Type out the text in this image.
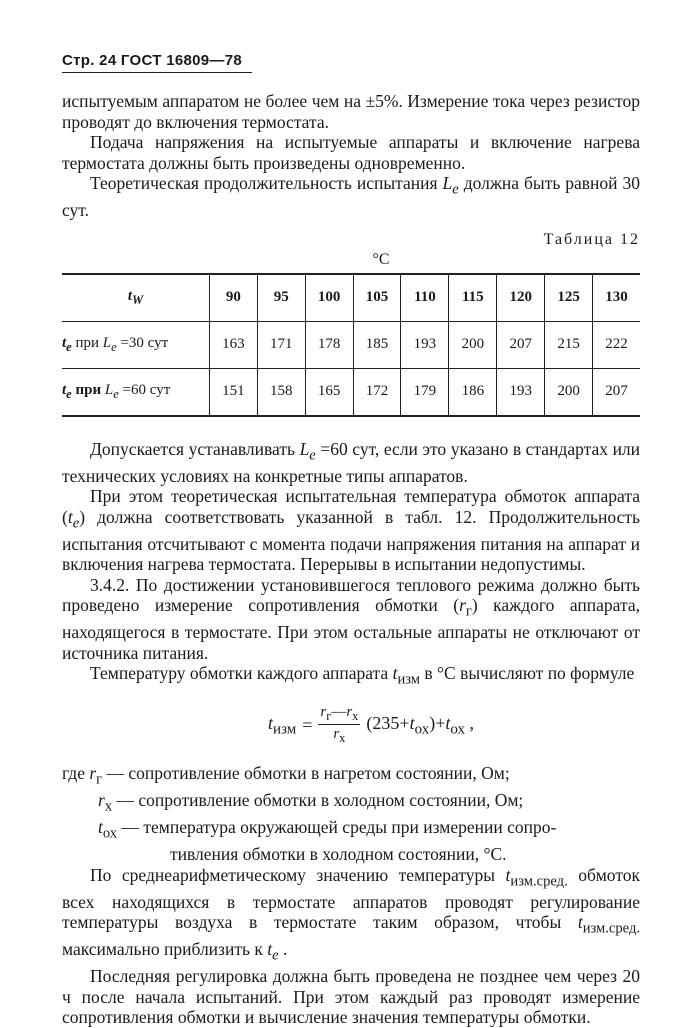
Стр. 24 ГОСТ 16809—78

испытуемым аппаратом не более чем на ±5%. Измерение тока через резистор проводят до включения термостата.

Подача напряжения на испытуемые аппараты и включение нагрева термостата должны быть произведены одновременно.

Теоретическая продолжительность испытания $L_e$ должна быть равной 30 сут.

Таблица 12
°С
$t_W$	90	95	100	105	110	115	120	125	130
$t_e$ при $L_e =30$ сут	163	171	178	185	193	200	207	215	222
$t_e$ при $L_e =60$ сут	151	158	165	172	179	186	193	200	207

Допускается устанавливать $L_e =60$ сут, если это указано в стандартах или технических условиях на конкретные типы аппаратов.

При этом теоретическая испытательная температура обмоток аппарата $(t_e)$ должна соответствовать указанной в табл. 12. Продолжительность испытания отсчитывают с момента подачи напряжения питания на аппарат и включения нагрева термостата. Перерывы в испытании недопустимы.

3.4.2. По достижении установившегося теплового режима должно быть проведено измерение сопротивления обмотки $(r_г)$ каждого аппарата, находящегося в термостате. При этом остальные аппараты не отключают от источника питания.

Температуру обмотки каждого аппарата $t_{изм}$ в °С вычисляют по формуле

$t_{изм} = \frac{r_г—r_х}{r_х} (235+t_{ох})+t_{ох}$ ,

где $r_г$ — сопротивление обмотки в нагретом состоянии, Ом;

$r_х$ — сопротивление обмотки в холодном состоянии, Ом;

$t_{ох}$ — температура окружающей среды при измерении сопро-

тивления обмотки в холодном состоянии, °С.

По среднеарифметическому значению температуры $t_{изм.сред.}$ обмоток всех находящихся в термостате аппаратов проводят регулирование температуры воздуха в термостате таким образом, чтобы $t_{изм.сред.}$ максимально приблизить к $t_e$ .

Последняя регулировка должна быть проведена не позднее чем через 20 ч после начала испытаний. При этом каждый раз проводят измерение сопротивления обмотки и вычисление значения температуры обмотки.
